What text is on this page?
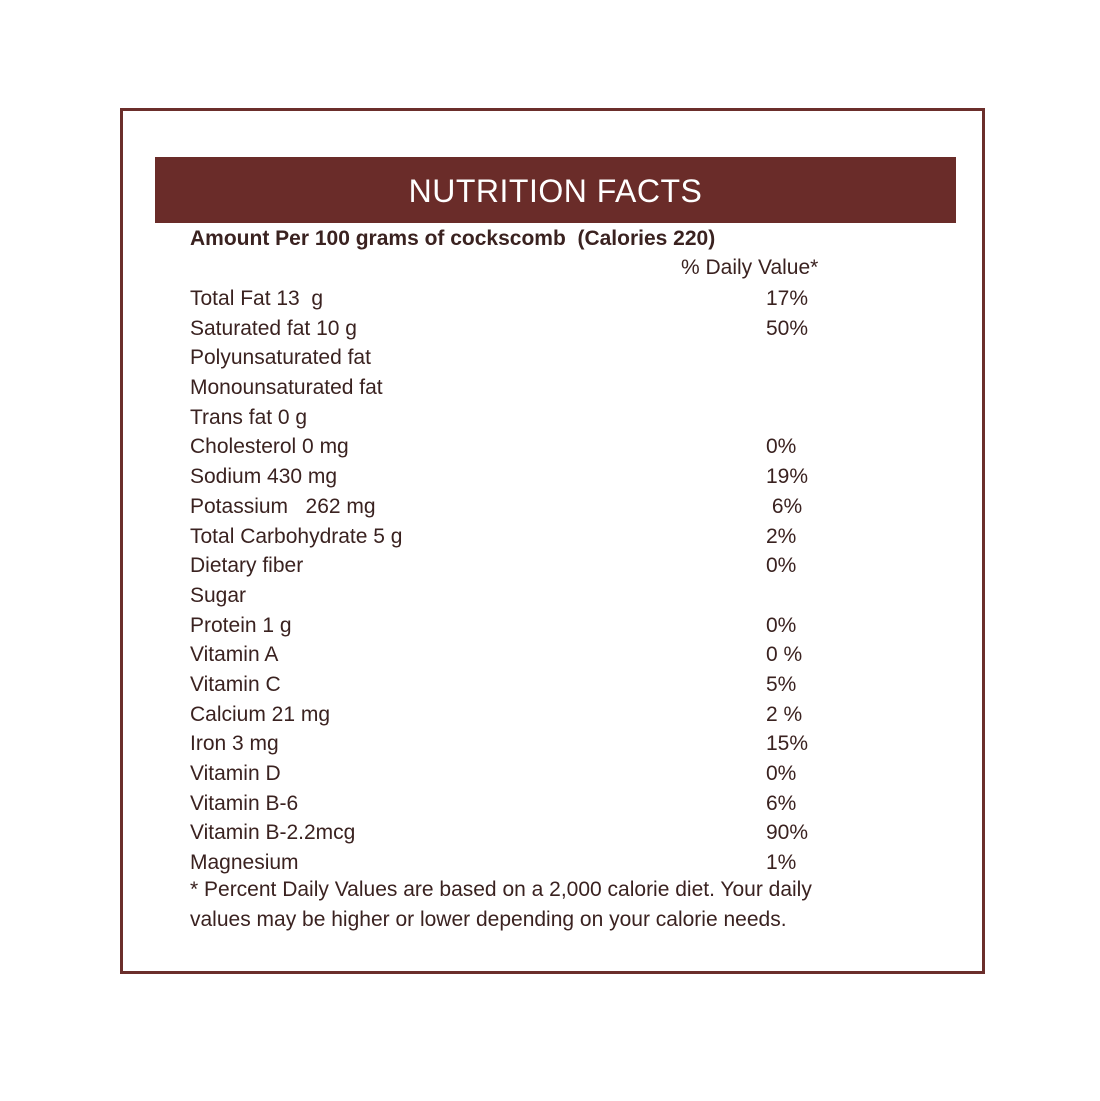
NUTRITION FACTS
Amount Per 100 grams of cockscomb  (Calories 220)
% Daily Value*
Total Fat 13  g	17%
Saturated fat 10 g	50%
Polyunsaturated fat
Monounsaturated fat
Trans fat 0 g
Cholesterol 0 mg	0%
Sodium 430 mg	19%
Potassium   262 mg	6%
Total Carbohydrate 5 g	2%
Dietary fiber	0%
Sugar
Protein 1 g	0%
Vitamin A	0 %
Vitamin C	5%
Calcium 21 mg	2 %
Iron 3 mg	15%
Vitamin D	0%
Vitamin B-6	6%
Vitamin B-2.2mcg	90%
Magnesium	1%
* Percent Daily Values are based on a 2,000 calorie diet. Your daily
values may be higher or lower depending on your calorie needs.
